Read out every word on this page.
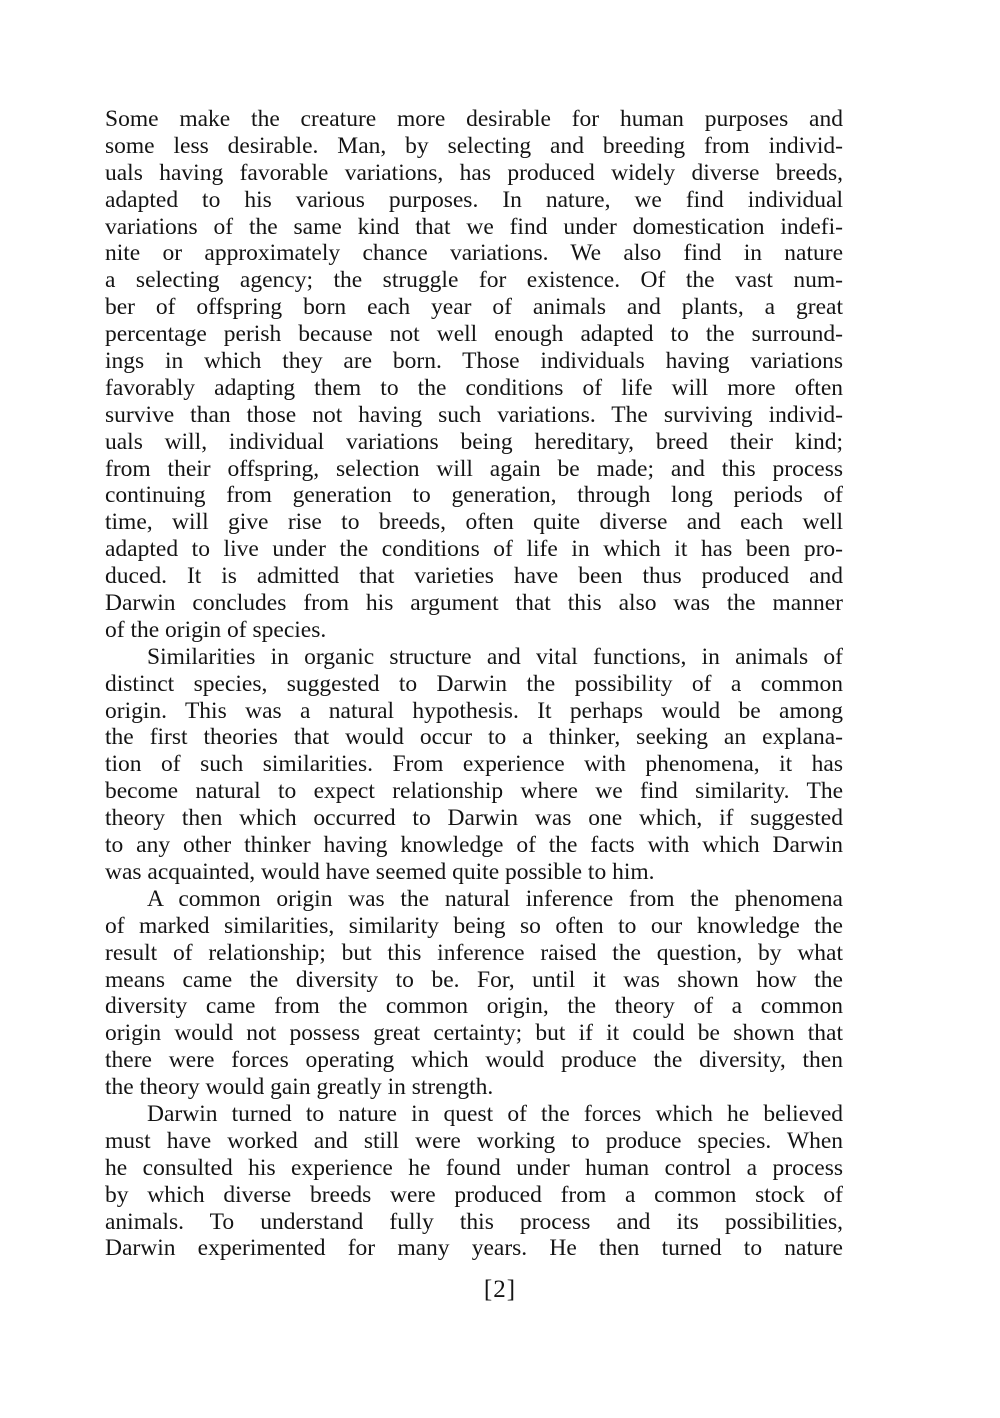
Some make the creature more desirable for human purposes and
some less desirable. Man, by selecting and breeding from individ-
uals having favorable variations, has produced widely diverse breeds,
adapted to his various purposes. In nature, we find individual
variations of the same kind that we find under domestication indefi-
nite or approximately chance variations. We also find in nature
a selecting agency; the struggle for existence. Of the vast num-
ber of offspring born each year of animals and plants, a great
percentage perish because not well enough adapted to the surround-
ings in which they are born. Those individuals having variations
favorably adapting them to the conditions of life will more often
survive than those not having such variations. The surviving individ-
uals will, individual variations being hereditary, breed their kind;
from their offspring, selection will again be made; and this process
continuing from generation to generation, through long periods of
time, will give rise to breeds, often quite diverse and each well
adapted to live under the conditions of life in which it has been pro-
duced. It is admitted that varieties have been thus produced and
Darwin concludes from his argument that this also was the manner
of the origin of species.
Similarities in organic structure and vital functions, in animals of
distinct species, suggested to Darwin the possibility of a common
origin. This was a natural hypothesis. It perhaps would be among
the first theories that would occur to a thinker, seeking an explana-
tion of such similarities. From experience with phenomena, it has
become natural to expect relationship where we find similarity. The
theory then which occurred to Darwin was one which, if suggested
to any other thinker having knowledge of the facts with which Darwin
was acquainted, would have seemed quite possible to him.
A common origin was the natural inference from the phenomena
of marked similarities, similarity being so often to our knowledge the
result of relationship; but this inference raised the question, by what
means came the diversity to be. For, until it was shown how the
diversity came from the common origin, the theory of a common
origin would not possess great certainty; but if it could be shown that
there were forces operating which would produce the diversity, then
the theory would gain greatly in strength.
Darwin turned to nature in quest of the forces which he believed
must have worked and still were working to produce species. When
he consulted his experience he found under human control a process
by which diverse breeds were produced from a common stock of
animals. To understand fully this process and its possibilities,
Darwin experimented for many years. He then turned to nature
[2]
